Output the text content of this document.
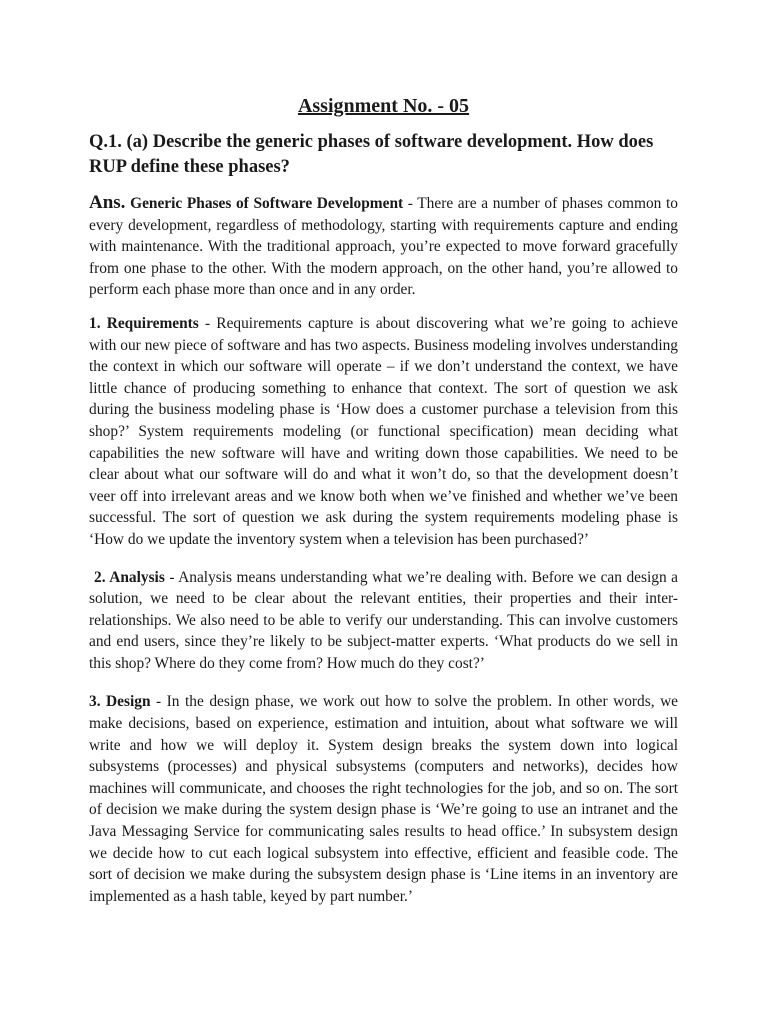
Assignment No. - 05
Q.1. (a) Describe the generic phases of software development. How does RUP define these phases?

Ans. Generic Phases of Software Development - There are a number of phases common to every development, regardless of methodology, starting with requirements capture and ending with maintenance. With the traditional approach, you’re expected to move forward gracefully from one phase to the other. With the modern approach, on the other hand, you’re allowed to perform each phase more than once and in any order.

1. Requirements - Requirements capture is about discovering what we’re going to achieve with our new piece of software and has two aspects. Business modeling involves understanding the context in which our software will operate – if we don’t understand the context, we have little chance of producing something to enhance that context. The sort of question we ask during the business modeling phase is ‘How does a customer purchase a television from this shop?’ System requirements modeling (or functional specification) mean deciding what capabilities the new software will have and writing down those capabilities. We need to be clear about what our software will do and what it won’t do, so that the development doesn’t veer off into irrelevant areas and we know both when we’ve finished and whether we’ve been successful. The sort of question we ask during the system requirements modeling phase is ‘How do we update the inventory system when a television has been purchased?’

2. Analysis - Analysis means understanding what we’re dealing with. Before we can design a solution, we need to be clear about the relevant entities, their properties and their inter-relationships. We also need to be able to verify our understanding. This can involve customers and end users, since they’re likely to be subject-matter experts. ‘What products do we sell in this shop? Where do they come from? How much do they cost?’

3. Design - In the design phase, we work out how to solve the problem. In other words, we make decisions, based on experience, estimation and intuition, about what software we will write and how we will deploy it. System design breaks the system down into logical subsystems (processes) and physical subsystems (computers and networks), decides how machines will communicate, and chooses the right technologies for the job, and so on. The sort of decision we make during the system design phase is ‘We’re going to use an intranet and the Java Messaging Service for communicating sales results to head office.’ In subsystem design we decide how to cut each logical subsystem into effective, efficient and feasible code. The sort of decision we make during the subsystem design phase is ‘Line items in an inventory are implemented as a hash table, keyed by part number.’
